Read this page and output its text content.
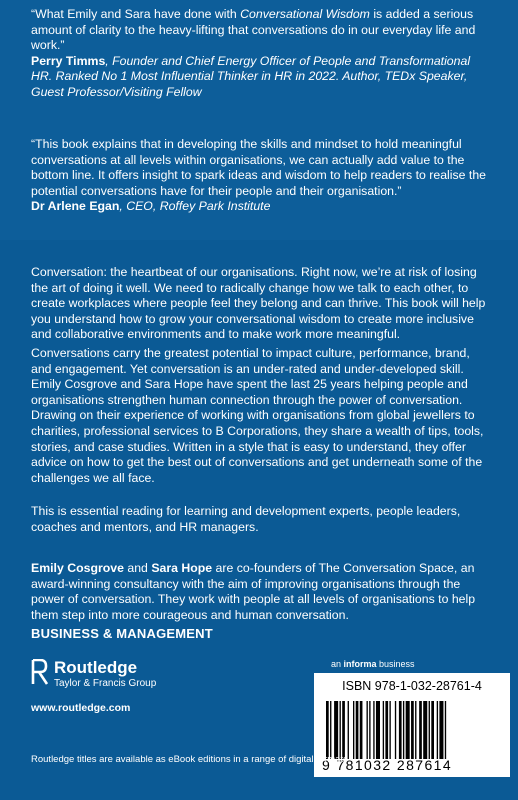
“What Emily and Sara have done with Conversational Wisdom is added a serious amount of clarity to the heavy-lifting that conversations do in our everyday life and work.”
Perry Timms, Founder and Chief Energy Officer of People and Transformational HR. Ranked No 1 Most Influential Thinker in HR in 2022. Author, TEDx Speaker, Guest Professor/Visiting Fellow
“This book explains that in developing the skills and mindset to hold meaningful conversations at all levels within organisations, we can actually add value to the bottom line. It offers insight to spark ideas and wisdom to help readers to realise the potential conversations have for their people and their organisation.”
Dr Arlene Egan, CEO, Roffey Park Institute
Conversation: the heartbeat of our organisations. Right now, we’re at risk of losing the art of doing it well. We need to radically change how we talk to each other, to create workplaces where people feel they belong and can thrive. This book will help you understand how to grow your conversational wisdom to create more inclusive and collaborative environments and to make work more meaningful.
Conversations carry the greatest potential to impact culture, performance, brand, and engagement. Yet conversation is an under-rated and under-developed skill. Emily Cosgrove and Sara Hope have spent the last 25 years helping people and organisations strengthen human connection through the power of conversation. Drawing on their experience of working with organisations from global jewellers to charities, professional services to B Corporations, they share a wealth of tips, tools, stories, and case studies. Written in a style that is easy to understand, they offer advice on how to get the best out of conversations and get underneath some of the challenges we all face.
This is essential reading for learning and development experts, people leaders, coaches and mentors, and HR managers.
Emily Cosgrove and Sara Hope are co-founders of The Conversation Space, an award-winning consultancy with the aim of improving organisations through the power of conversation. They work with people at all levels of organisations to help them step into more courageous and human conversation.
BUSINESS & MANAGEMENT
Routledge
Taylor & Francis Group
www.routledge.com
an informa business
ISBN 978-1-032-28761-4
9 781032 287614
Routledge titles are available as eBook editions in a range of digital formats
